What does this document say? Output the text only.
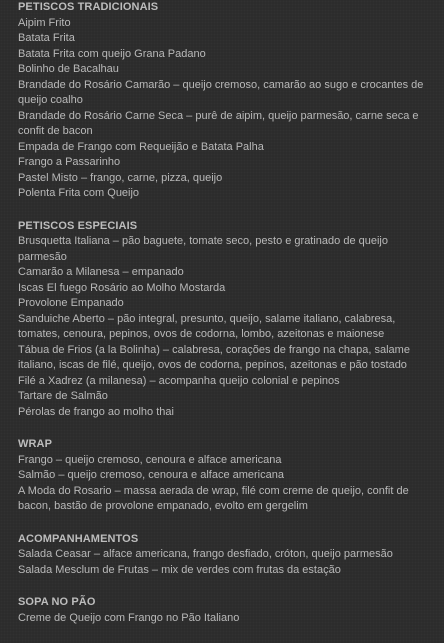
PETISCOS TRADICIONAIS
Aipim Frito
Batata Frita
Batata Frita com queijo Grana Padano
Bolinho de Bacalhau
Brandade do Rosário Camarão – queijo cremoso, camarão ao sugo e crocantes de queijo coalho
Brandade do Rosário Carne Seca – purê de aipim, queijo parmesão, carne seca e confit de bacon
Empada de Frango com Requeijão e Batata Palha
Frango a Passarinho
Pastel Misto – frango, carne, pizza, queijo
Polenta Frita com Queijo
PETISCOS ESPECIAIS
Brusquetta Italiana – pão baguete, tomate seco, pesto e gratinado de queijo parmesão
Camarão a Milanesa – empanado
Iscas El fuego Rosário ao Molho Mostarda
Provolone Empanado
Sanduiche Aberto – pão integral, presunto, queijo, salame italiano, calabresa, tomates, cenoura, pepinos, ovos de codorna, lombo, azeitonas e maionese
Tábua de Frios (a la Bolinha) – calabresa, corações de frango na chapa, salame italiano, iscas de filé, queijo, ovos de codorna, pepinos, azeitonas e pão tostado
Filé a Xadrez (a milanesa) – acompanha queijo colonial e pepinos
Tartare de Salmão
Pérolas de frango ao molho thai
WRAP
Frango – queijo cremoso, cenoura e alface americana
Salmão – queijo cremoso, cenoura e alface americana
A Moda do Rosario – massa aerada de wrap, filé com creme de queijo, confit de bacon, bastão de provolone empanado, evolto em gergelim
ACOMPANHAMENTOS
Salada Ceasar – alface americana, frango desfiado, cróton, queijo parmesão
Salada Mesclum de Frutas – mix de verdes com frutas da estação
SOPA NO PÃO
Creme de Queijo com Frango no Pão Italiano
